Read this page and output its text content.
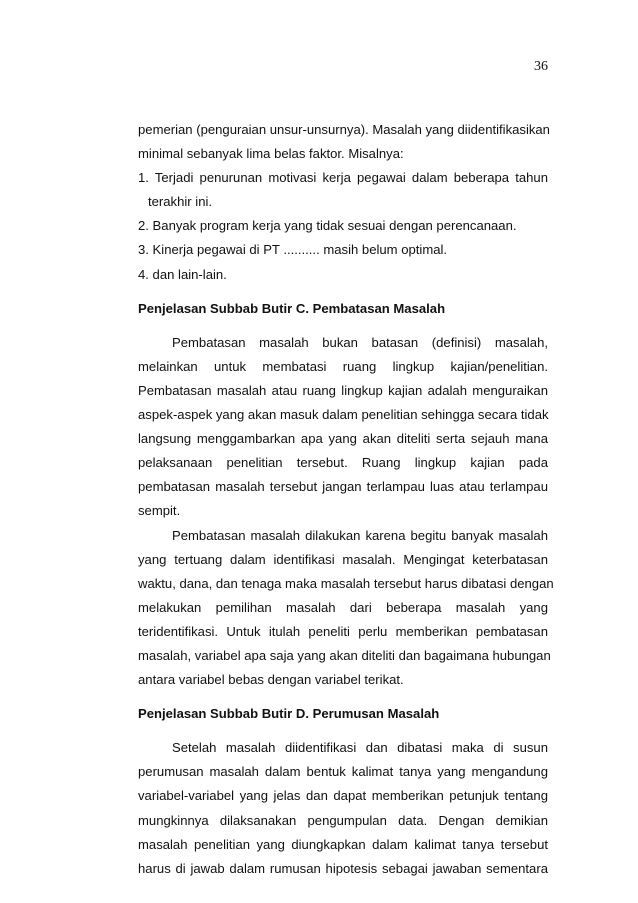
36
pemerian (penguraian unsur-unsurnya). Masalah yang diidentifikasikan
minimal sebanyak lima belas faktor. Misalnya:
1. Terjadi penurunan motivasi kerja pegawai dalam beberapa tahun
terakhir ini.
2. Banyak program kerja yang tidak sesuai dengan perencanaan.
3. Kinerja pegawai di PT .......... masih belum optimal.
4. dan lain-lain.
Penjelasan Subbab Butir C. Pembatasan Masalah
Pembatasan masalah bukan batasan (definisi) masalah,
melainkan untuk membatasi ruang lingkup kajian/penelitian.
Pembatasan masalah atau ruang lingkup kajian adalah menguraikan
aspek-aspek yang akan masuk dalam penelitian sehingga secara tidak
langsung menggambarkan apa yang akan diteliti serta sejauh mana
pelaksanaan penelitian tersebut. Ruang lingkup kajian pada
pembatasan masalah tersebut jangan terlampau luas atau terlampau
sempit.
Pembatasan masalah dilakukan karena begitu banyak masalah
yang tertuang dalam identifikasi masalah. Mengingat keterbatasan
waktu, dana, dan tenaga maka masalah tersebut harus dibatasi dengan
melakukan pemilihan masalah dari beberapa masalah yang
teridentifikasi. Untuk itulah peneliti perlu memberikan pembatasan
masalah, variabel apa saja yang akan diteliti dan bagaimana hubungan
antara variabel bebas dengan variabel terikat.
Penjelasan Subbab Butir D. Perumusan Masalah
Setelah masalah diidentifikasi dan dibatasi maka di susun
perumusan masalah dalam bentuk kalimat tanya yang mengandung
variabel-variabel yang jelas dan dapat memberikan petunjuk tentang
mungkinnya dilaksanakan pengumpulan data. Dengan demikian
masalah penelitian yang diungkapkan dalam kalimat tanya tersebut
harus di jawab dalam rumusan hipotesis sebagai jawaban sementara
